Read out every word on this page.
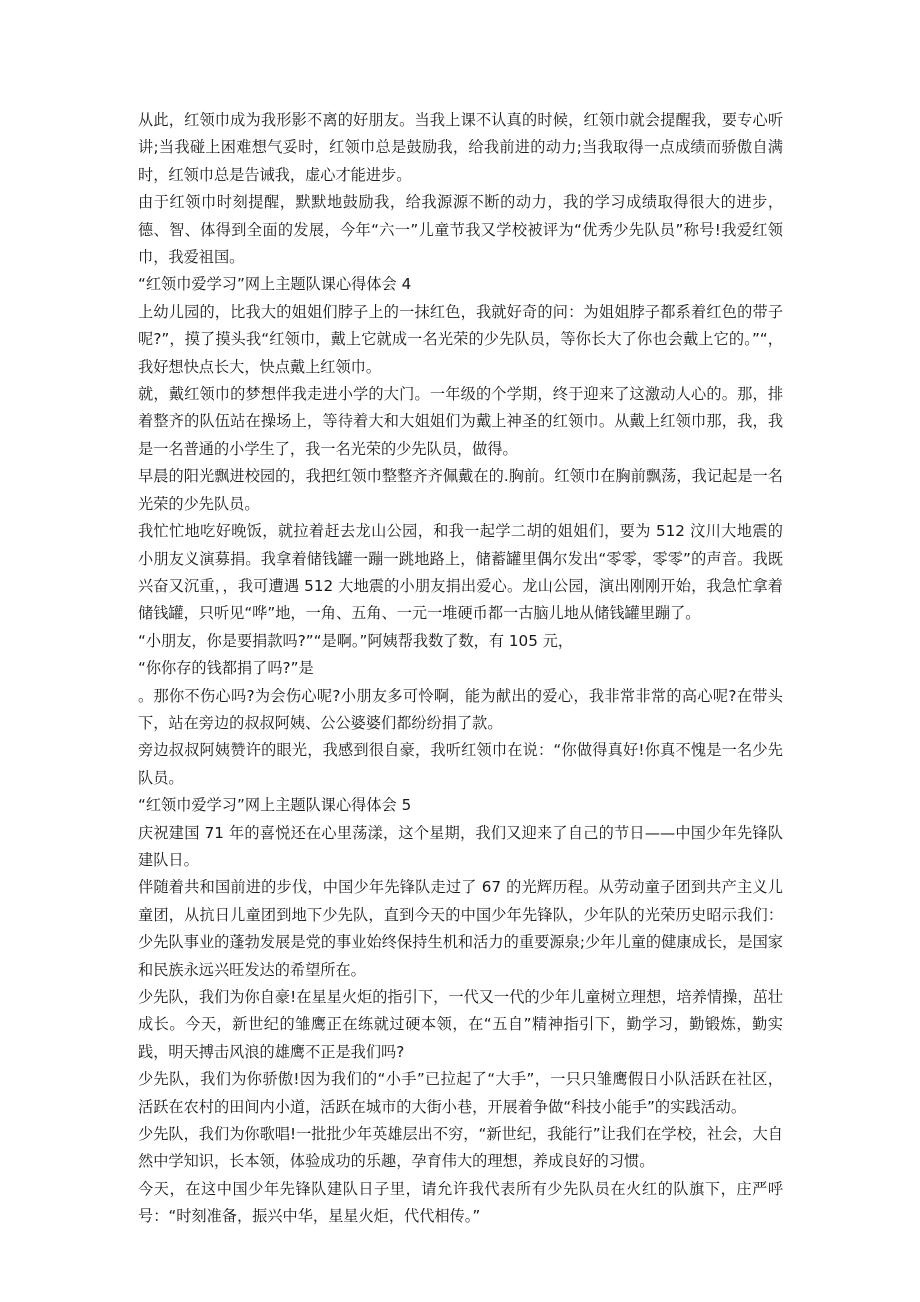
从此，红领巾成为我形影不离的好朋友。当我上课不认真的时候，红领巾就会提醒我，要专心听讲;当我碰上困难想气妥时，红领巾总是鼓励我，给我前进的动力;当我取得一点成绩而骄傲自满时，红领巾总是告诫我，虚心才能进步。

由于红领巾时刻提醒，默默地鼓励我，给我源源不断的动力，我的学习成绩取得很大的进步，德、智、体得到全面的发展，今年“六一”儿童节我又学校被评为“优秀少先队员”称号!我爱红领巾，我爱祖国。

“红领巾爱学习”网上主题队课心得体会 4

上幼儿园的，比我大的姐姐们脖子上的一抹红色，我就好奇的问：为姐姐脖子都系着红色的带子呢?”，摸了摸头我“红领巾，戴上它就成一名光荣的少先队员，等你长大了你也会戴上它的。”“，我好想快点长大，快点戴上红领巾。

就，戴红领巾的梦想伴我走进小学的大门。一年级的个学期，终于迎来了这激动人心的。那，排着整齐的队伍站在操场上，等待着大和大姐姐们为戴上神圣的红领巾。从戴上红领巾那，我，我是一名普通的小学生了，我一名光荣的少先队员，做得。

早晨的阳光飘进校园的，我把红领巾整整齐齐佩戴在的.胸前。红领巾在胸前飘荡，我记起是一名光荣的少先队员。

我忙忙地吃好晚饭，就拉着赶去龙山公园，和我一起学二胡的姐姐们，要为 512 汶川大地震的小朋友义演募捐。我拿着储钱罐一蹦一跳地路上，储蓄罐里偶尔发出“零零，零零”的声音。我既兴奋又沉重，，我可遭遇 512 大地震的小朋友捐出爱心。龙山公园，演出刚刚开始，我急忙拿着储钱罐，只听见“哗”地，一角、五角、一元一堆硬币都一古脑儿地从储钱罐里蹦了。

“小朋友，你是要捐款吗?”“是啊。”阿姨帮我数了数，有 105 元，

“你你存的钱都捐了吗?”是

。那你不伤心吗?为会伤心呢?小朋友多可怜啊，能为献出的爱心，我非常非常的高心呢?在带头下，站在旁边的叔叔阿姨、公公婆婆们都纷纷捐了款。

旁边叔叔阿姨赞许的眼光，我感到很自豪，我听红领巾在说：“你做得真好!你真不愧是一名少先队员。

“红领巾爱学习”网上主题队课心得体会 5

庆祝建国 71 年的喜悦还在心里荡漾，这个星期，我们又迎来了自己的节日——中国少年先锋队建队日。

伴随着共和国前进的步伐，中国少年先锋队走过了 67 的光辉历程。从劳动童子团到共产主义儿童团，从抗日儿童团到地下少先队，直到今天的中国少年先锋队，少年队的光荣历史昭示我们：少先队事业的蓬勃发展是党的事业始终保持生机和活力的重要源泉;少年儿童的健康成长，是国家和民族永远兴旺发达的希望所在。

少先队，我们为你自豪!在星星火炬的指引下，一代又一代的少年儿童树立理想，培养情操，茁壮成长。今天，新世纪的雏鹰正在练就过硬本领，在“五自”精神指引下，勤学习，勤锻炼，勤实践，明天搏击风浪的雄鹰不正是我们吗?

少先队，我们为你骄傲!因为我们的“小手”已拉起了“大手”，一只只雏鹰假日小队活跃在社区，活跃在农村的田间内小道，活跃在城市的大街小巷，开展着争做“科技小能手”的实践活动。

少先队，我们为你歌唱!一批批少年英雄层出不穷，“新世纪，我能行”让我们在学校，社会，大自然中学知识，长本领，体验成功的乐趣，孕育伟大的理想，养成良好的习惯。

今天，在这中国少年先锋队建队日子里，请允许我代表所有少先队员在火红的队旗下，庄严呼号：“时刻准备，振兴中华，星星火炬，代代相传。”
